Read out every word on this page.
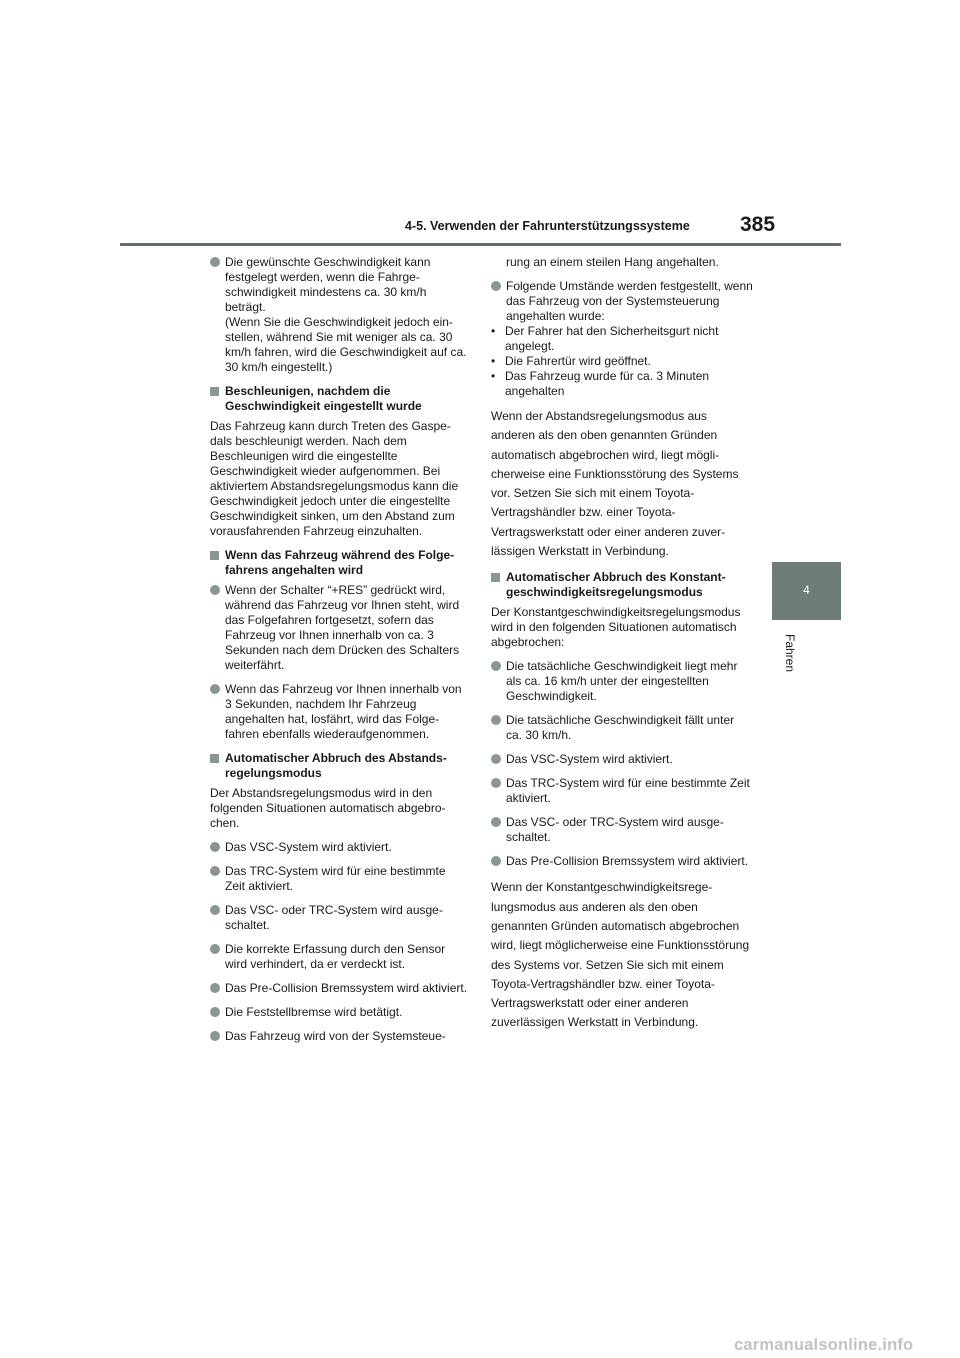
4-5. Verwenden der Fahrunterstützungssysteme 385
4
Fahren
Die gewünschte Geschwindigkeit kann festgelegt werden, wenn die Fahrgeschwindigkeit mindestens ca. 30 km/h beträgt.
(Wenn Sie die Geschwindigkeit jedoch einstellen, während Sie mit weniger als ca. 30 km/h fahren, wird die Geschwindigkeit auf ca. 30 km/h eingestellt.)
Beschleunigen, nachdem die Geschwindigkeit eingestellt wurde
Das Fahrzeug kann durch Treten des Gaspedals beschleunigt werden. Nach dem Beschleunigen wird die eingestellte Geschwindigkeit wieder aufgenommen. Bei aktiviertem Abstandsregelungsmodus kann die Geschwindigkeit jedoch unter die eingestellte Geschwindigkeit sinken, um den Abstand zum vorausfahrenden Fahrzeug einzuhalten.
Wenn das Fahrzeug während des Folgefahrens angehalten wird
Wenn der Schalter “+RES” gedrückt wird, während das Fahrzeug vor Ihnen steht, wird das Folgefahren fortgesetzt, sofern das Fahrzeug vor Ihnen innerhalb von ca. 3 Sekunden nach dem Drücken des Schalters weiterfährt.
Wenn das Fahrzeug vor Ihnen innerhalb von 3 Sekunden, nachdem Ihr Fahrzeug angehalten hat, losfährt, wird das Folgefahren ebenfalls wiederaufgenommen.
Automatischer Abbruch des Abstandsregelungsmodus
Der Abstandsregelungsmodus wird in den folgenden Situationen automatisch abgebrochen.
Das VSC-System wird aktiviert.
Das TRC-System wird für eine bestimmte Zeit aktiviert.
Das VSC- oder TRC-System wird ausgeschaltet.
Die korrekte Erfassung durch den Sensor wird verhindert, da er verdeckt ist.
Das Pre-Collision Bremssystem wird aktiviert.
Die Feststellbremse wird betätigt.
Das Fahrzeug wird von der Systemsteue-
rung an einem steilen Hang angehalten.
Folgende Umstände werden festgestellt, wenn das Fahrzeug von der Systemsteuerung angehalten wurde:
• Der Fahrer hat den Sicherheitsgurt nicht angelegt.
• Die Fahrertür wird geöffnet.
• Das Fahrzeug wurde für ca. 3 Minuten angehalten
Wenn der Abstandsregelungsmodus aus anderen als den oben genannten Gründen automatisch abgebrochen wird, liegt möglicherweise eine Funktionsstörung des Systems vor. Setzen Sie sich mit einem Toyota-Vertragshändler bzw. einer Toyota-Vertragswerkstatt oder einer anderen zuverlässigen Werkstatt in Verbindung.
Automatischer Abbruch des Konstantgeschwindigkeitsregelungsmodus
Der Konstantgeschwindigkeitsregelungsmodus wird in den folgenden Situationen automatisch abgebrochen:
Die tatsächliche Geschwindigkeit liegt mehr als ca. 16 km/h unter der eingestellten Geschwindigkeit.
Die tatsächliche Geschwindigkeit fällt unter ca. 30 km/h.
Das VSC-System wird aktiviert.
Das TRC-System wird für eine bestimmte Zeit aktiviert.
Das VSC- oder TRC-System wird ausgeschaltet.
Das Pre-Collision Bremssystem wird aktiviert.
Wenn der Konstantgeschwindigkeitsregelungsmodus aus anderen als den oben genannten Gründen automatisch abgebrochen wird, liegt möglicherweise eine Funktionsstörung des Systems vor. Setzen Sie sich mit einem Toyota-Vertragshändler bzw. einer Toyota-Vertragswerkstatt oder einer anderen zuverlässigen Werkstatt in Verbindung.
carmanualsonline.info
